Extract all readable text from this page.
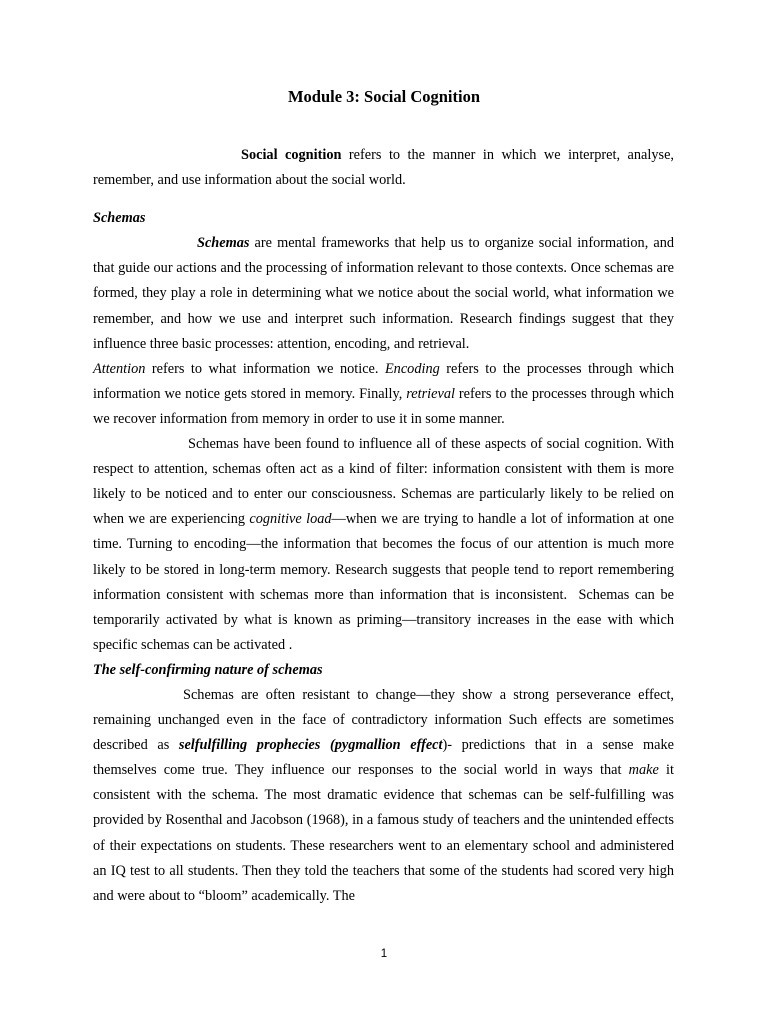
Module 3: Social Cognition

Social cognition refers to the manner in which we interpret, analyse, remember, and use information about the social world.

Schemas

Schemas are mental frameworks that help us to organize social information, and that guide our actions and the processing of information relevant to those contexts. Once schemas are formed, they play a role in determining what we notice about the social world, what information we remember, and how we use and interpret such information. Research findings suggest that they influence three basic processes: attention, encoding, and retrieval.

Attention refers to what information we notice. Encoding refers to the processes through which information we notice gets stored in memory. Finally, retrieval refers to the processes through which we recover information from memory in order to use it in some manner.

Schemas have been found to influence all of these aspects of social cognition. With respect to attention, schemas often act as a kind of filter: information consistent with them is more likely to be noticed and to enter our consciousness. Schemas are particularly likely to be relied on when we are experiencing cognitive load—when we are trying to handle a lot of information at one time. Turning to encoding—the information that becomes the focus of our attention is much more likely to be stored in long-term memory. Research suggests that people tend to report remembering information consistent with schemas more than information that is inconsistent.  Schemas can be temporarily activated by what is known as priming—transitory increases in the ease with which specific schemas can be activated .

The self-confirming nature of schemas

Schemas are often resistant to change—they show a strong perseverance effect, remaining unchanged even in the face of contradictory information Such effects are sometimes described as selfulfilling prophecies (pygmallion effect)- predictions that in a sense make themselves come true. They influence our responses to the social world in ways that make it consistent with the schema. The most dramatic evidence that schemas can be self-fulfilling was provided by Rosenthal and Jacobson (1968), in a famous study of teachers and the unintended effects of their expectations on students. These researchers went to an elementary school and administered an IQ test to all students. Then they told the teachers that some of the students had scored very high and were about to “bloom” academically. The

1
